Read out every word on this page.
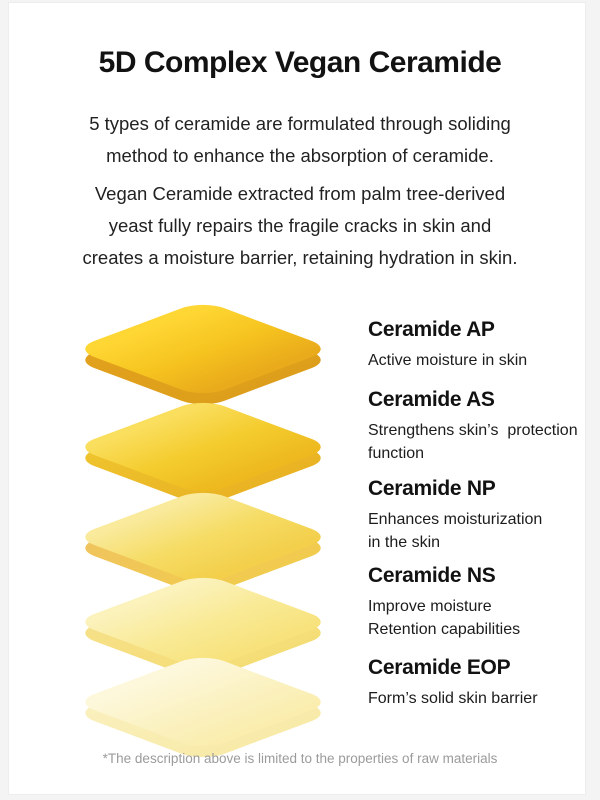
5D Complex Vegan Ceramide
5 types of ceramide are formulated through soliding
method to enhance the absorption of ceramide.
Vegan Ceramide extracted from palm tree-derived
yeast fully repairs the fragile cracks in skin and
creates a moisture barrier, retaining hydration in skin.
Ceramide AP
Active moisture in skin
Ceramide AS
Strengthens skin’s  protection
function
Ceramide NP
Enhances moisturization
in the skin
Ceramide NS
Improve moisture
Retention capabilities
Ceramide EOP
Form’s solid skin barrier
*The description above is limited to the properties of raw materials
